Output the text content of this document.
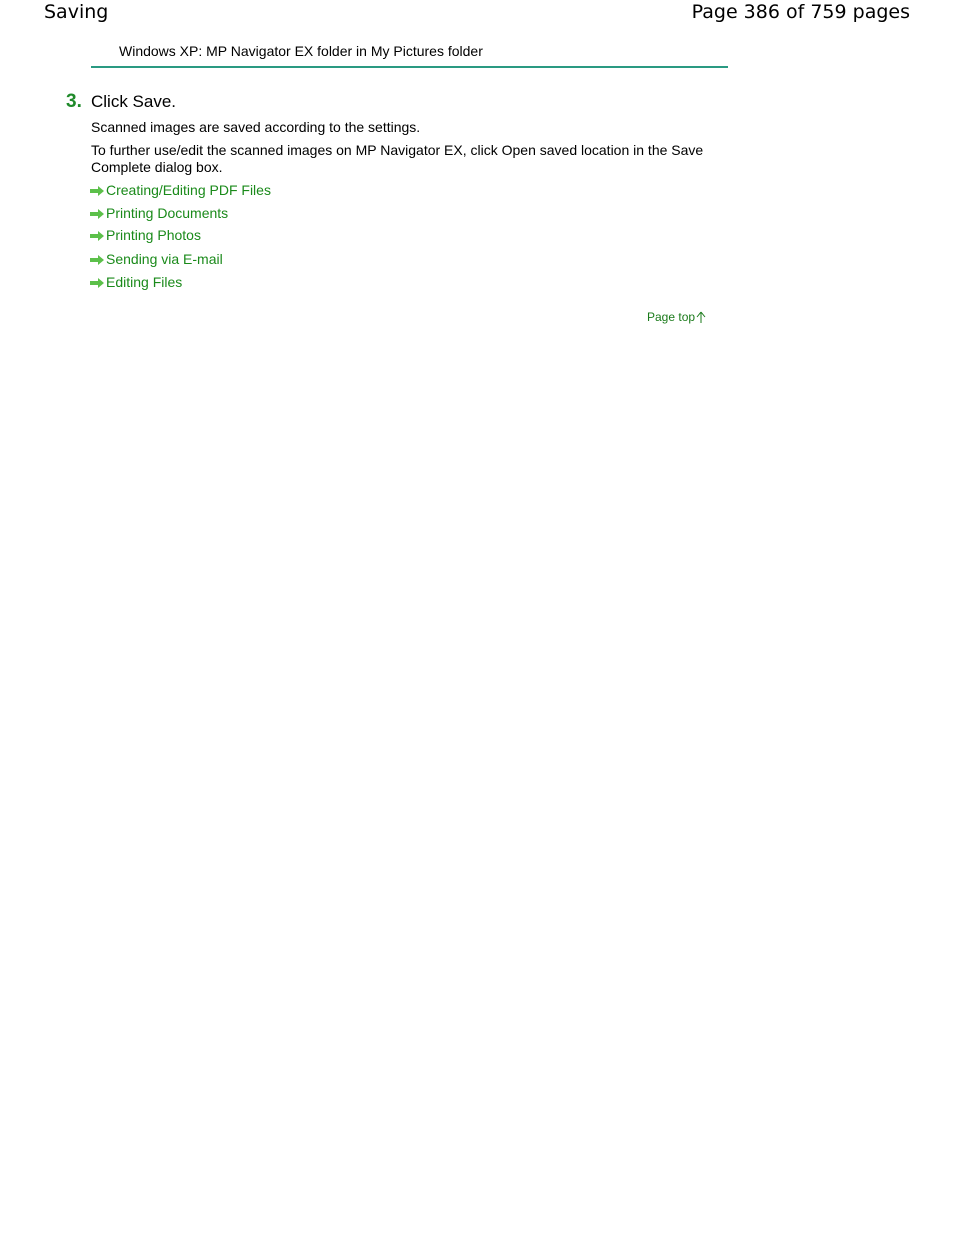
Saving	Page 386 of 759 pages
Windows XP: MP Navigator EX folder in My Pictures folder
3. Click Save.
Scanned images are saved according to the settings.
To further use/edit the scanned images on MP Navigator EX, click Open saved location in the Save Complete dialog box.
Creating/Editing PDF Files
Printing Documents
Printing Photos
Sending via E-mail
Editing Files
Page top
